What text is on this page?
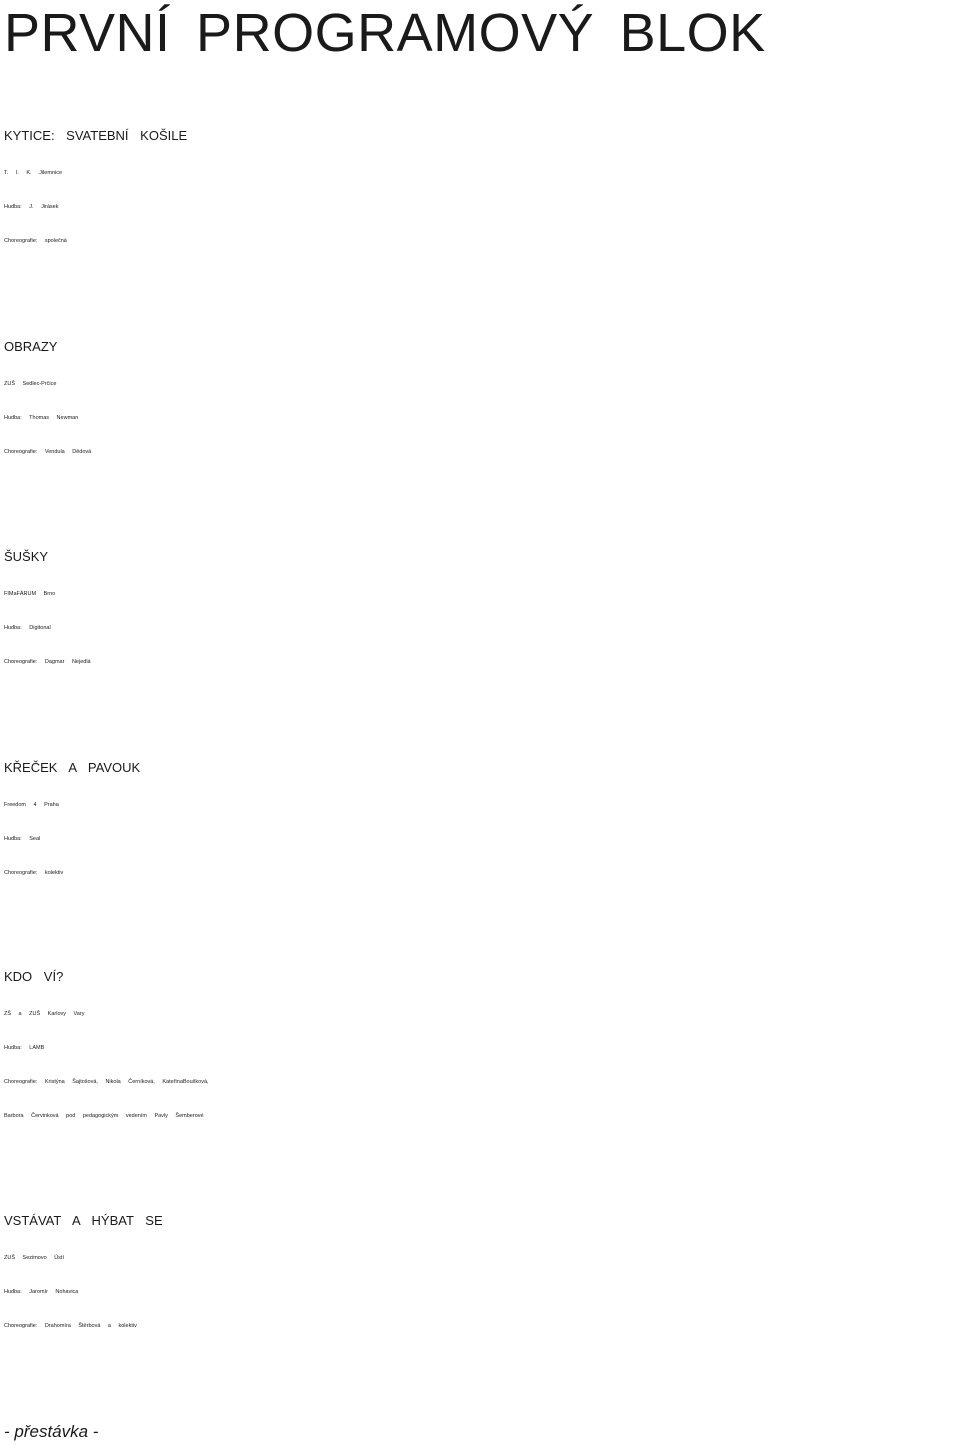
PRVNÍ PROGRAMOVÝ BLOK
KYTICE: SVATEBNÍ KOŠILE
T. I. K. Jilemnice
Hudba: J. Jirásek
Choreografie: společná
OBRAZY
ZUŠ Sedlec-Prčice
Hudba: Thomas Newman
Choreografie: Vendula Dědová
ŠUŠKY
FIMaFÁRUM Brno
Hudba: Digitonal
Choreografie: Dagmar Nejedlá
KŘEČEK A PAVOUK
Freedom 4 Praha
Hudba: Seal
Choreografie: kolektiv
KDO VÍ?
ZŠ a ZUŠ Karlovy Vary
Hudba: LAMB
Choreografie: Kristýna Šajtošová, Nikola Černíková, KateřinaBoušková,
Barbora Červinková pod pedagogickým vedením Pavly Šemberové
VSTÁVAT A HÝBAT SE
ZUŠ Sezimovo Ústí
Hudba: Jaromír Nohavica
Choreografie: Drahomíra Štěrbová a kolektiv
- přestávka -
